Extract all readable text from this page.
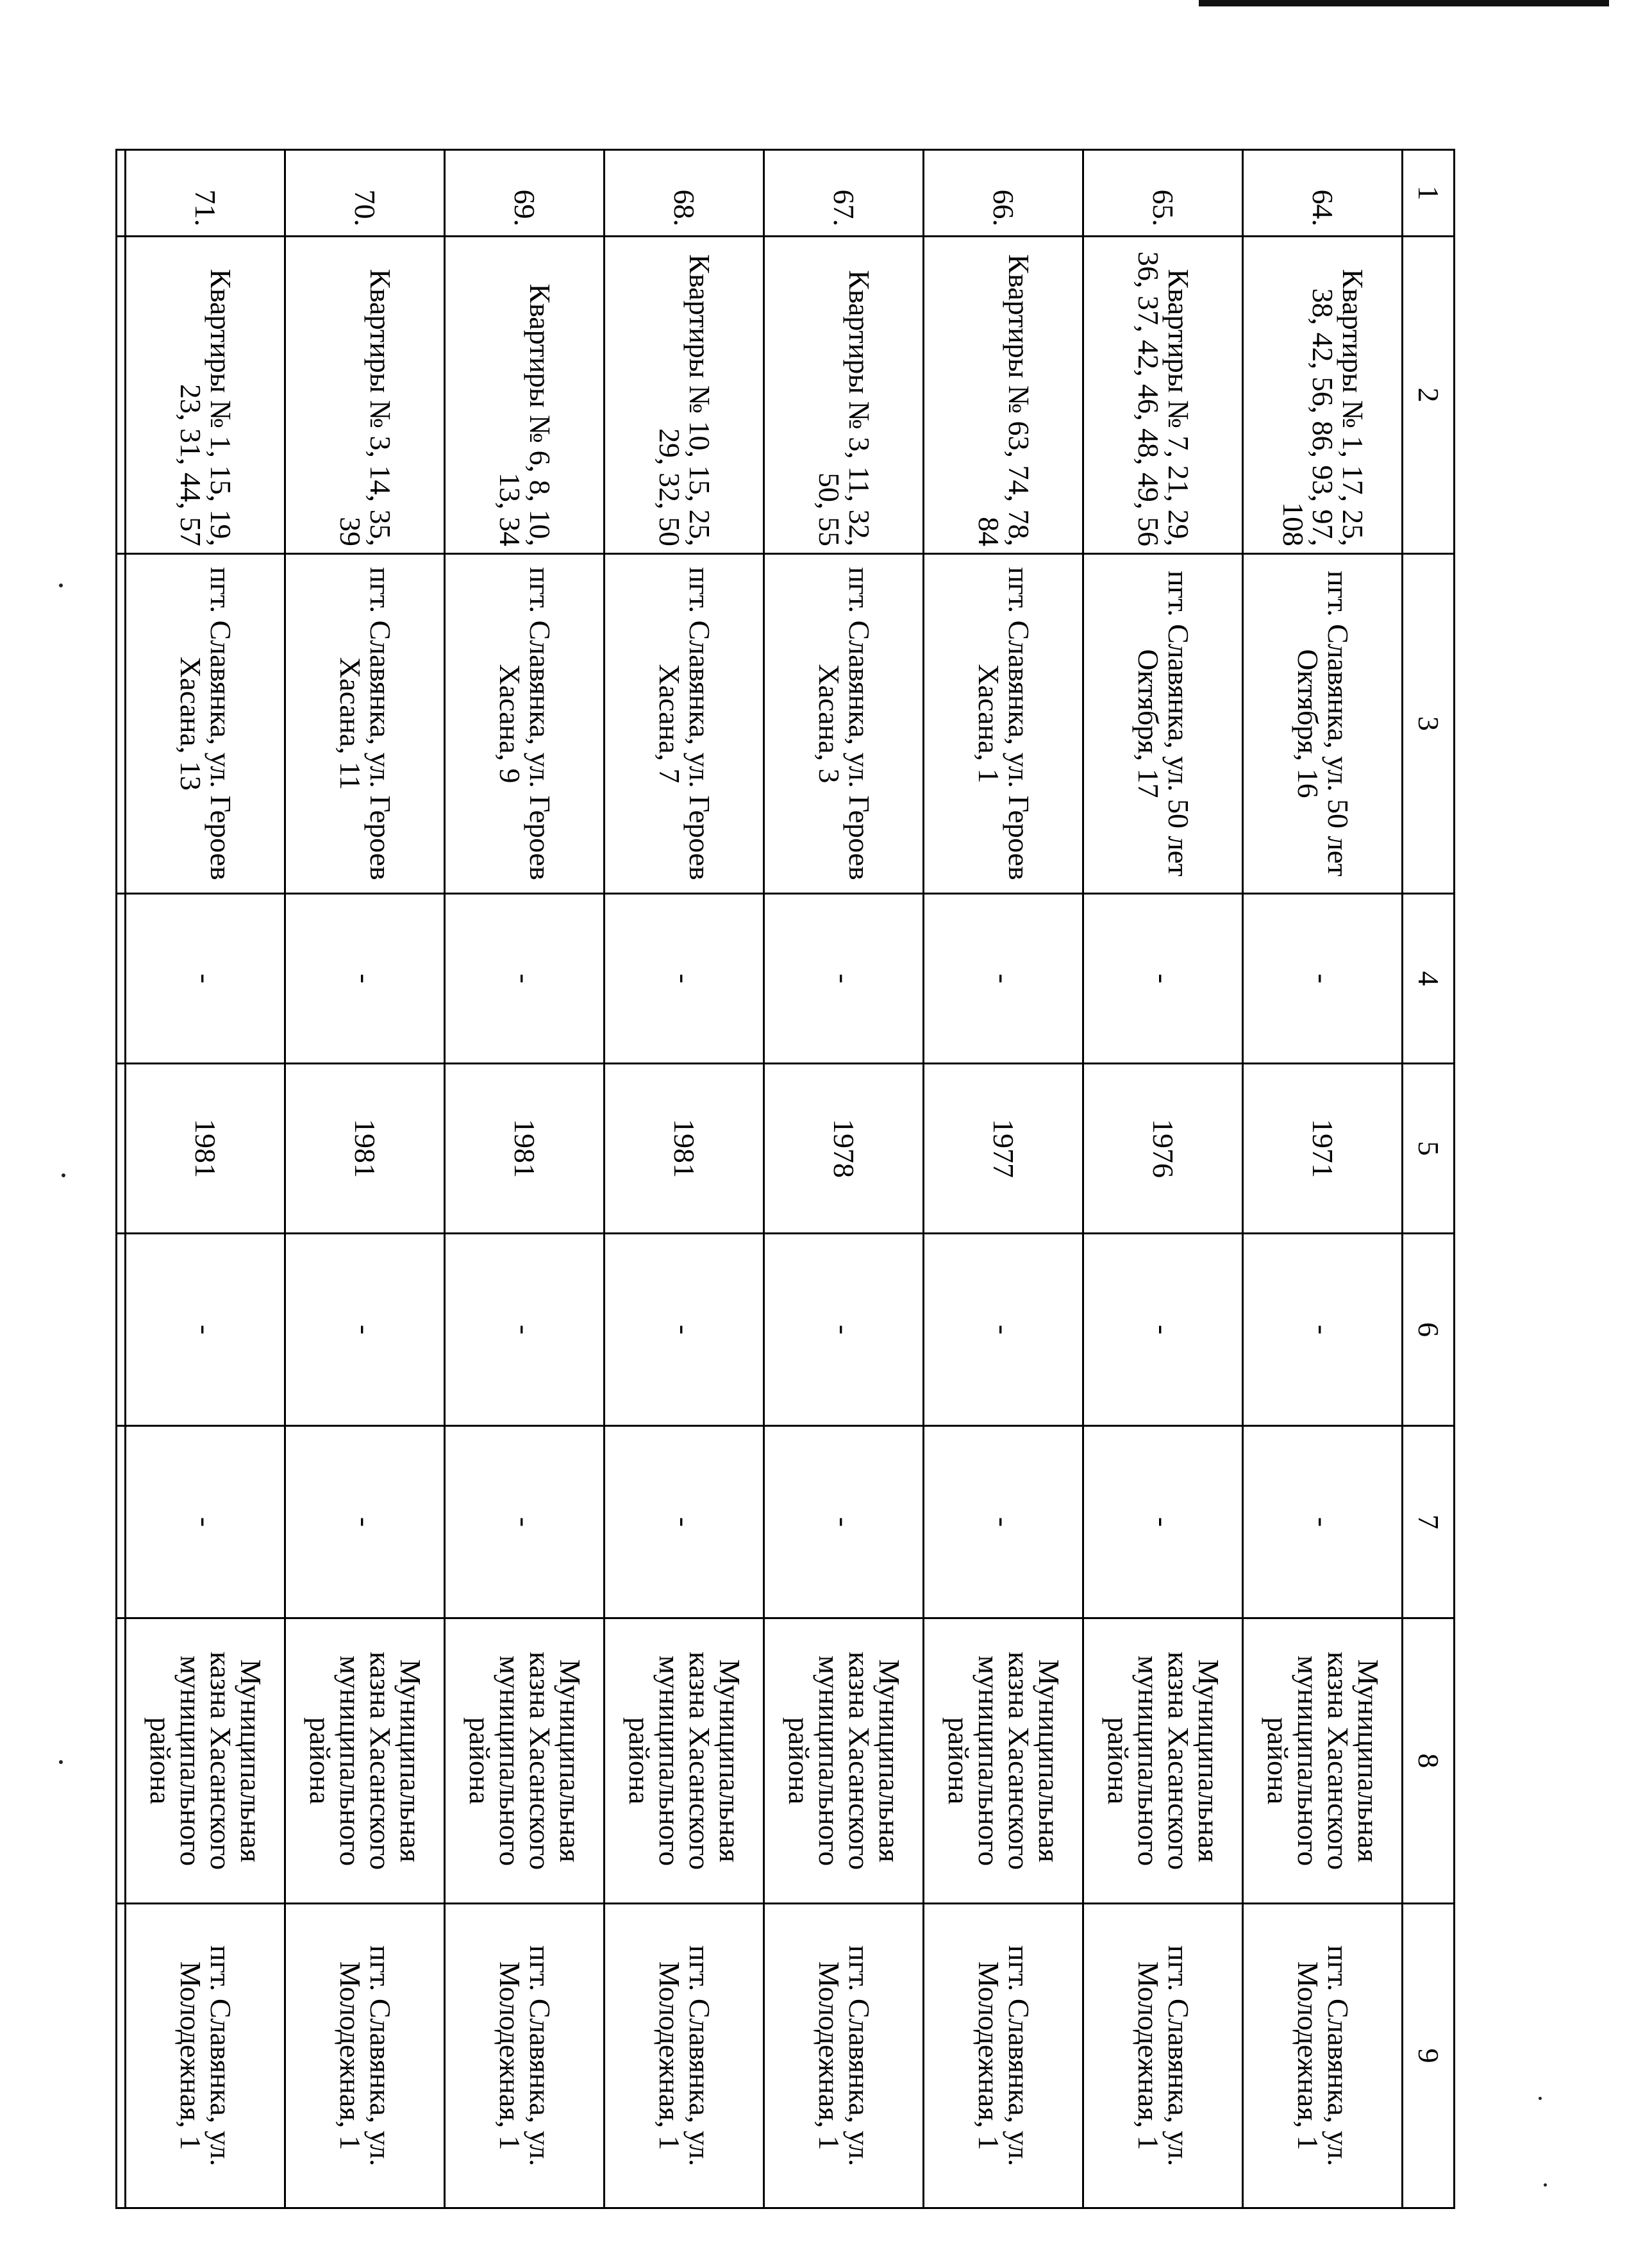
1	2	3	4	5	6	7	8	9
64.	Квартиры № 1, 17, 25, 38, 42, 56, 86, 93, 97, 108	пгт. Славянка, ул. 50 лет Октября, 16	-	1971	-	-	Муниципальная казна Хасанского муниципального района	пгт. Славянка, ул. Молодежная, 1
65.	Квартиры № 7, 21, 29, 36, 37, 42, 46, 48, 49, 56	пгт. Славянка, ул. 50 лет Октября, 17	-	1976	-	-	Муниципальная казна Хасанского муниципального района	пгт. Славянка, ул. Молодежная, 1
66.	Квартиры № 63, 74, 78, 84	пгт. Славянка, ул. Героев Хасана, 1	-	1977	-	-	Муниципальная казна Хасанского муниципального района	пгт. Славянка, ул. Молодежная, 1
67.	Квартиры № 3, 11, 32, 50, 55	пгт. Славянка, ул. Героев Хасана, 3	-	1978	-	-	Муниципальная казна Хасанского муниципального района	пгт. Славянка, ул. Молодежная, 1
68.	Квартиры № 10, 15, 25, 29, 32, 50	пгт. Славянка, ул. Героев Хасана, 7	-	1981	-	-	Муниципальная казна Хасанского муниципального района	пгт. Славянка, ул. Молодежная, 1
69.	Квартиры № 6, 8, 10, 13, 34	пгт. Славянка, ул. Героев Хасана, 9	-	1981	-	-	Муниципальная казна Хасанского муниципального района	пгт. Славянка, ул. Молодежная, 1
70.	Квартиры № 3, 14, 35, 39	пгт. Славянка, ул. Героев Хасана, 11	-	1981	-	-	Муниципальная казна Хасанского муниципального района	пгт. Славянка, ул. Молодежная, 1
71.	Квартиры № 1, 15, 19, 23, 31, 44, 57	пгт. Славянка, ул. Героев Хасана, 13	-	1981	-	-	Муниципальная казна Хасанского муниципального района	пгт. Славянка, ул. Молодежная, 1
